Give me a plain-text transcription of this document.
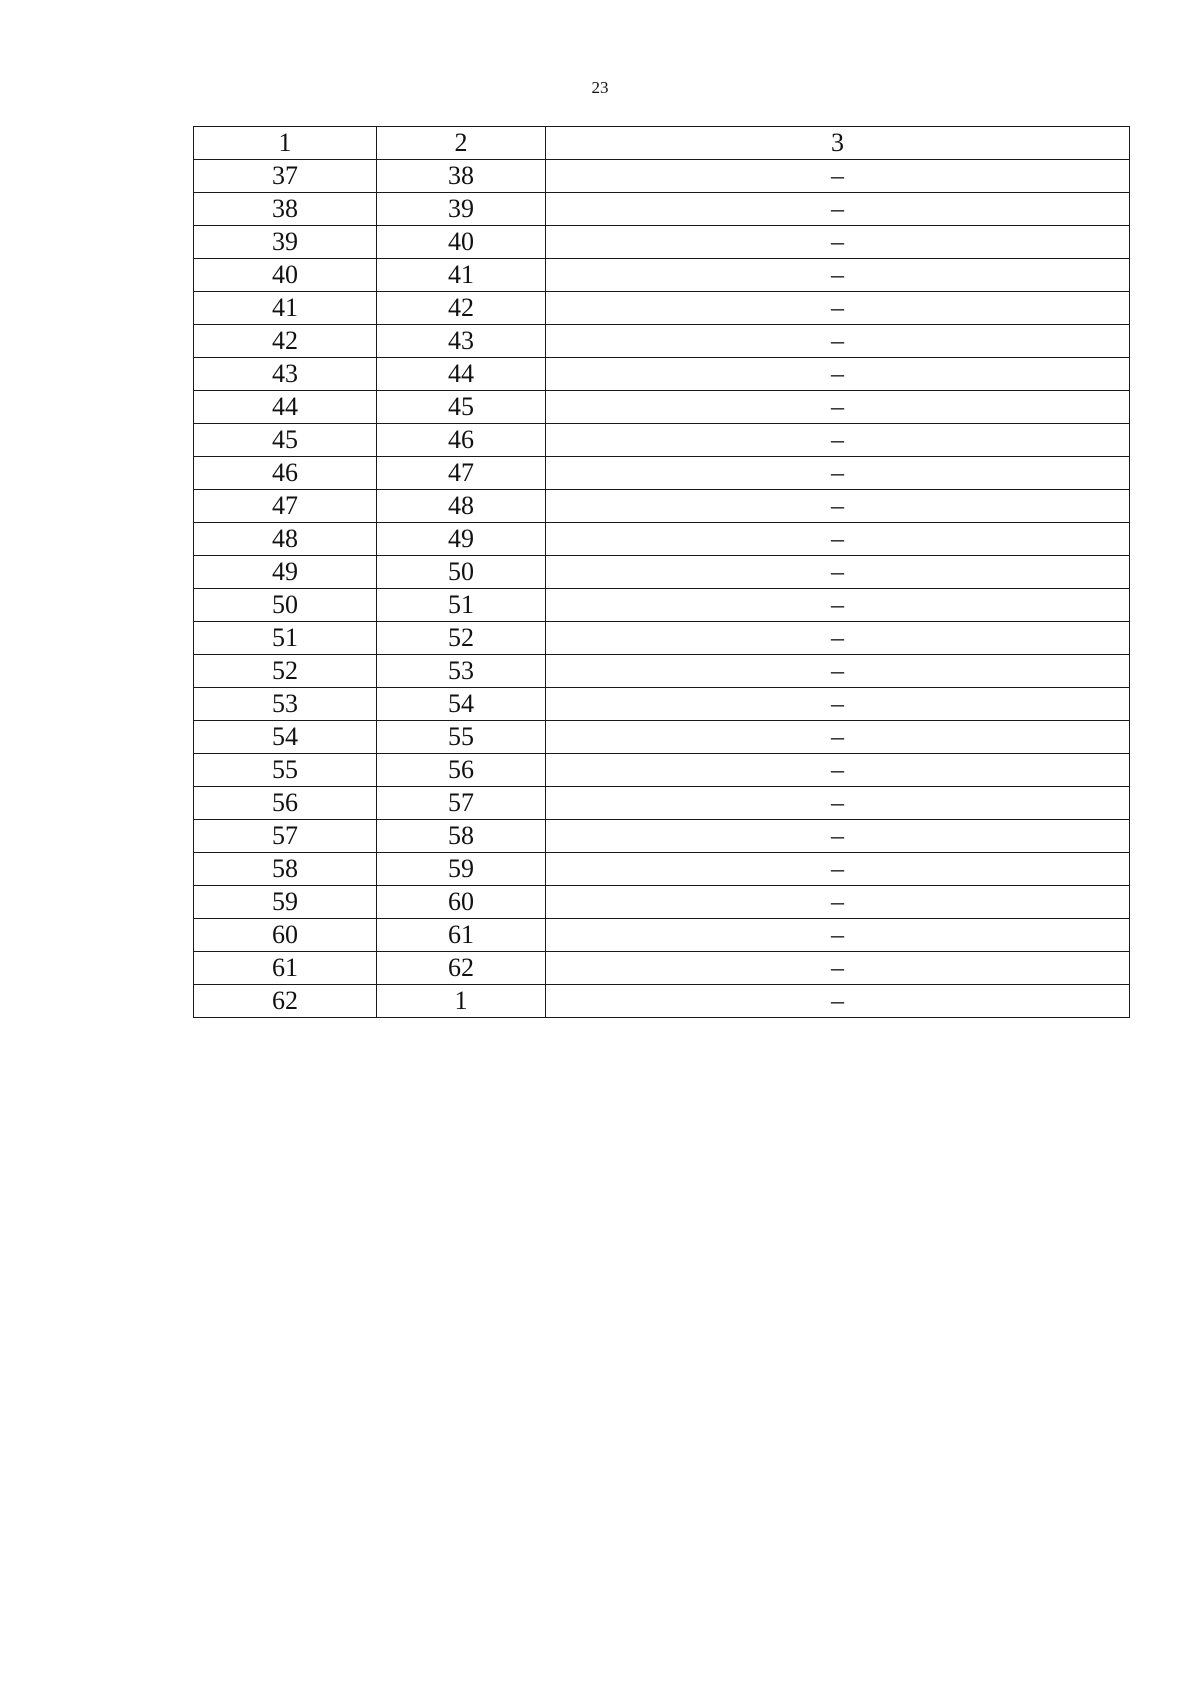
23
1	2	3
37	38	–
38	39	–
39	40	–
40	41	–
41	42	–
42	43	–
43	44	–
44	45	–
45	46	–
46	47	–
47	48	–
48	49	–
49	50	–
50	51	–
51	52	–
52	53	–
53	54	–
54	55	–
55	56	–
56	57	–
57	58	–
58	59	–
59	60	–
60	61	–
61	62	–
62	1	–
